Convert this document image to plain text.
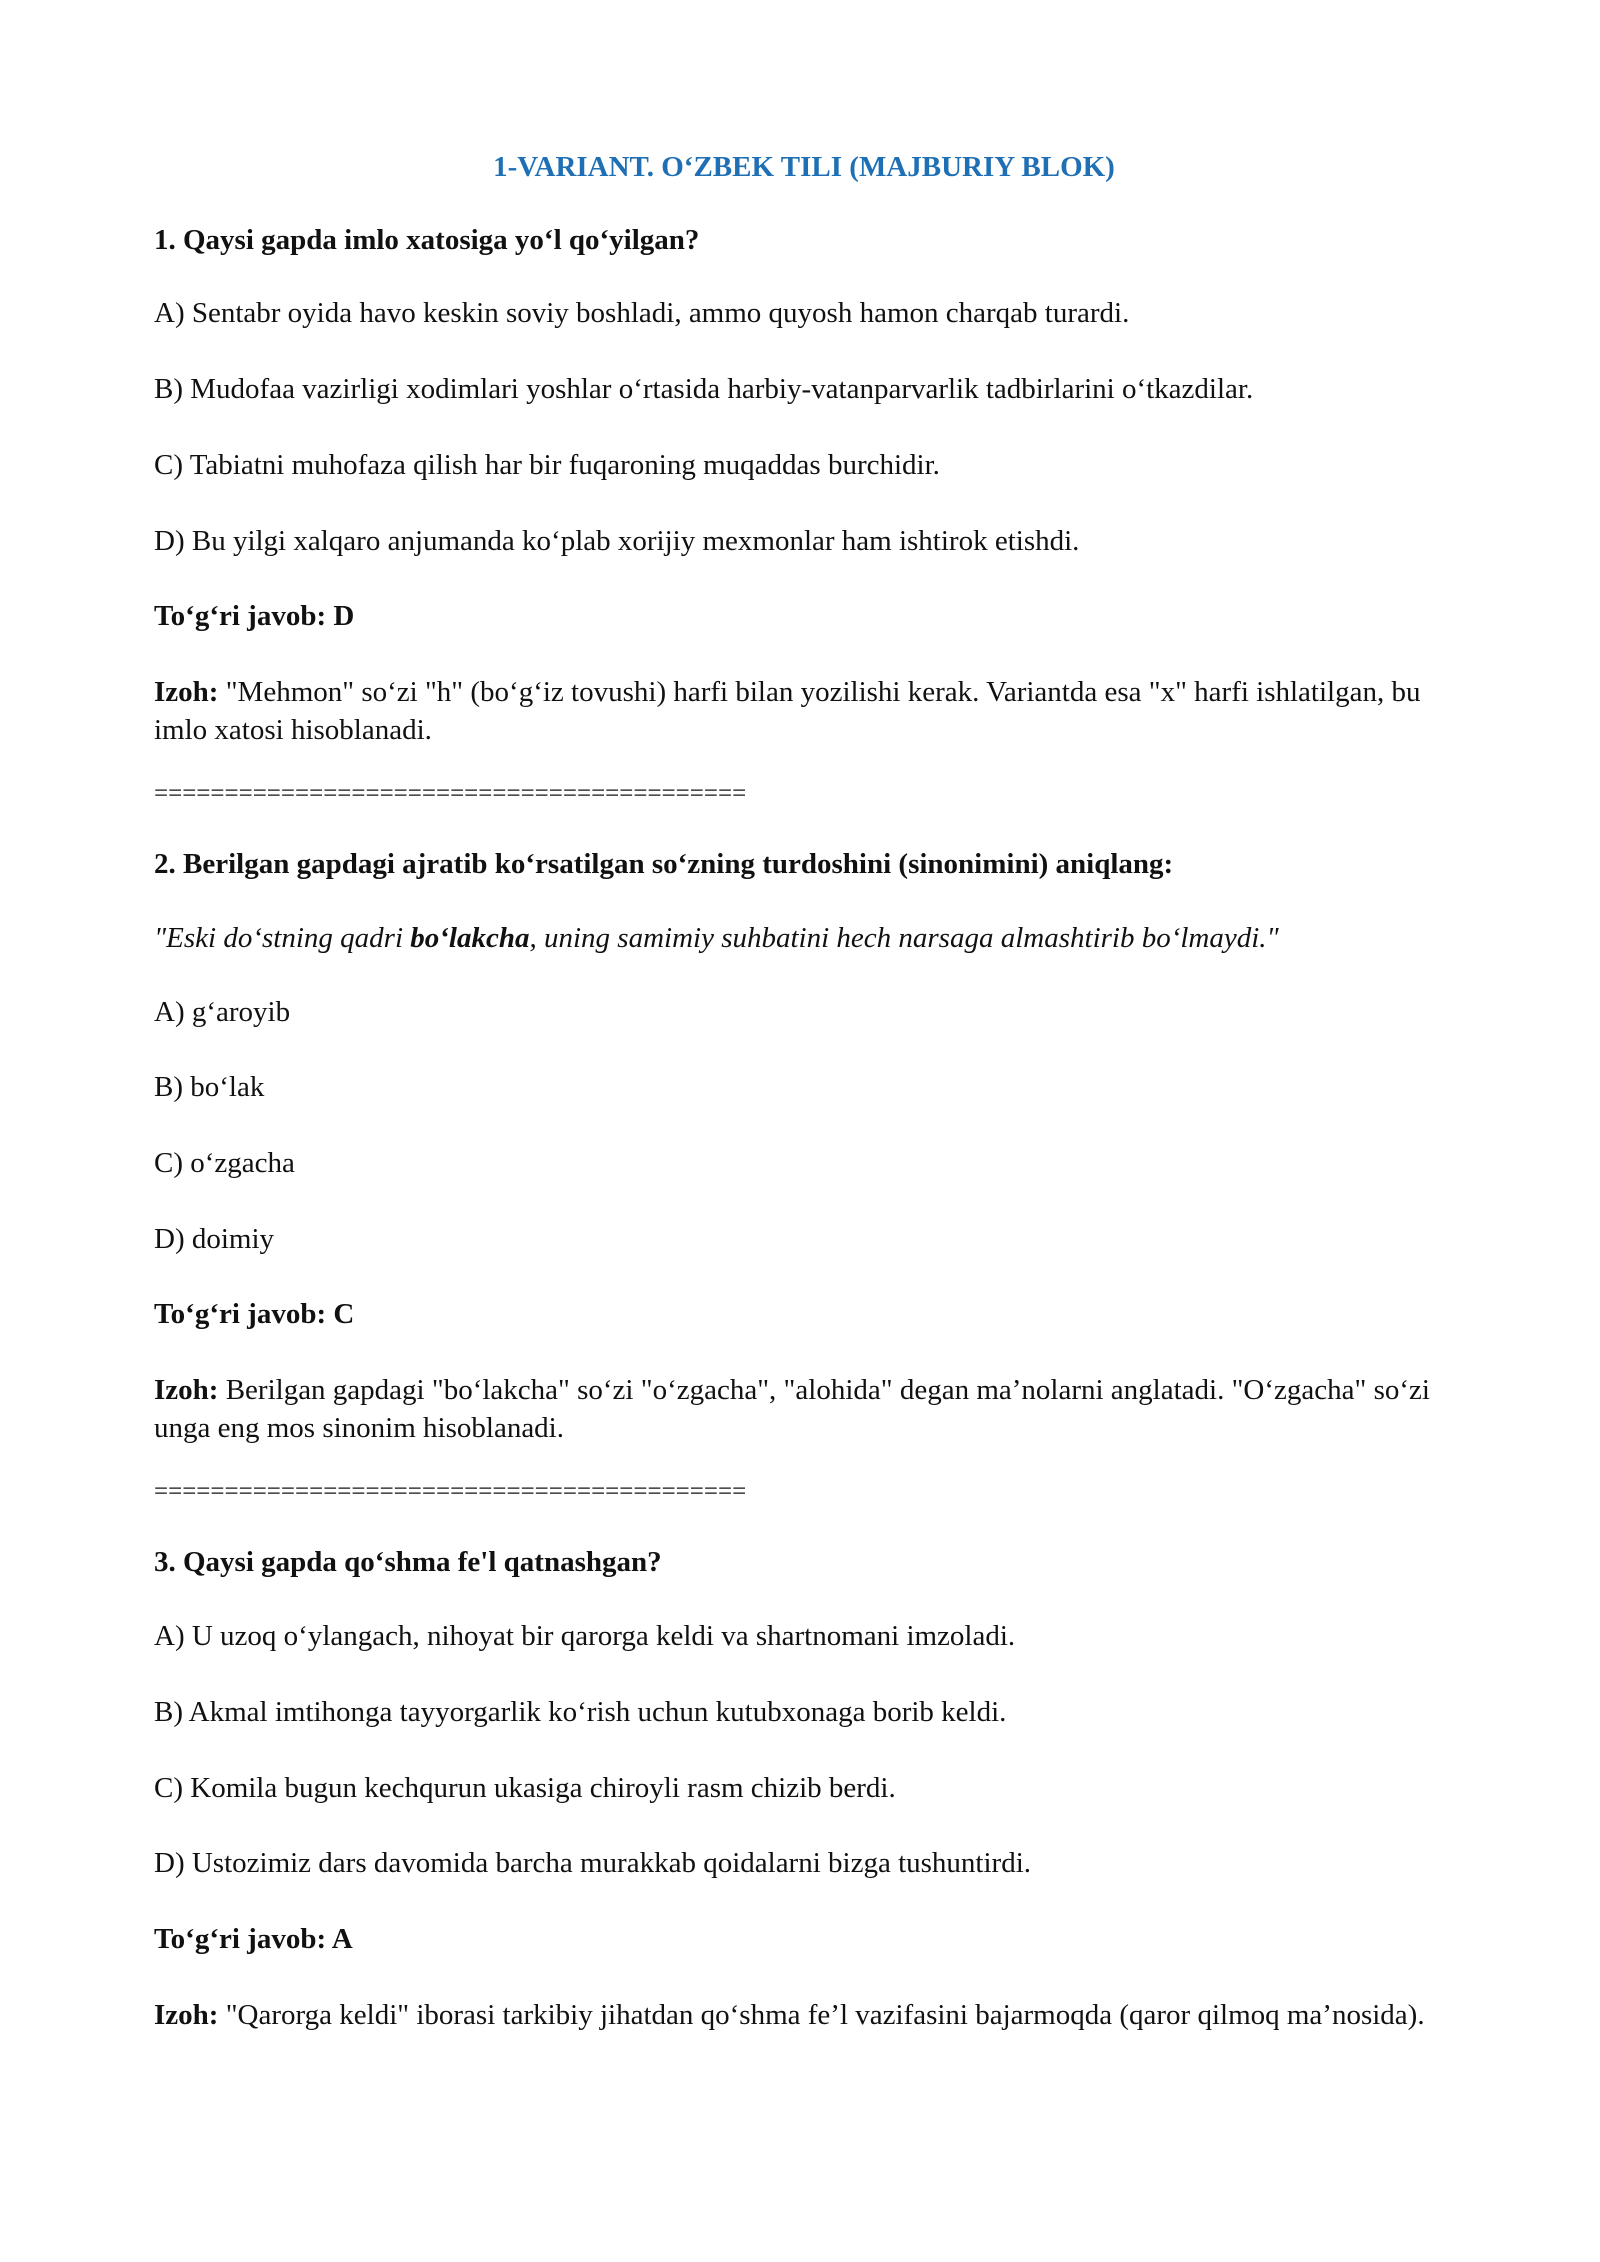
1-VARIANT. O‘ZBEK TILI (MAJBURIY BLOK)
1. Qaysi gapda imlo xatosiga yo‘l qo‘yilgan?
A) Sentabr oyida havo keskin soviy boshladi, ammo quyosh hamon charqab turardi.
B) Mudofaa vazirligi xodimlari yoshlar o‘rtasida harbiy-vatanparvarlik tadbirlarini o‘tkazdilar.
C) Tabiatni muhofaza qilish har bir fuqaroning muqaddas burchidir.
D) Bu yilgi xalqaro anjumanda ko‘plab xorijiy mexmonlar ham ishtirok etishdi.
To‘g‘ri javob: D
Izoh: "Mehmon" so‘zi "h" (bo‘g‘iz tovushi) harfi bilan yozilishi kerak. Variantda esa "x" harfi ishlatilgan, bu imlo xatosi hisoblanadi.
==========================================
2. Berilgan gapdagi ajratib ko‘rsatilgan so‘zning turdoshini (sinonimini) aniqlang:
"Eski do‘stning qadri bo‘lakcha, uning samimiy suhbatini hech narsaga almashtirib bo‘lmaydi."
A) g‘aroyib
B) bo‘lak
C) o‘zgacha
D) doimiy
To‘g‘ri javob: C
Izoh: Berilgan gapdagi "bo‘lakcha" so‘zi "o‘zgacha", "alohida" degan ma’nolarni anglatadi. "O‘zgacha" so‘zi unga eng mos sinonim hisoblanadi.
==========================================
3. Qaysi gapda qo‘shma fe'l qatnashgan?
A) U uzoq o‘ylangach, nihoyat bir qarorga keldi va shartnomani imzoladi.
B) Akmal imtihonga tayyorgarlik ko‘rish uchun kutubxonaga borib keldi.
C) Komila bugun kechqurun ukasiga chiroyli rasm chizib berdi.
D) Ustozimiz dars davomida barcha murakkab qoidalarni bizga tushuntirdi.
To‘g‘ri javob: A
Izoh: "Qarorga keldi" iborasi tarkibiy jihatdan qo‘shma fe’l vazifasini bajarmoqda (qaror qilmoq ma’nosida).
